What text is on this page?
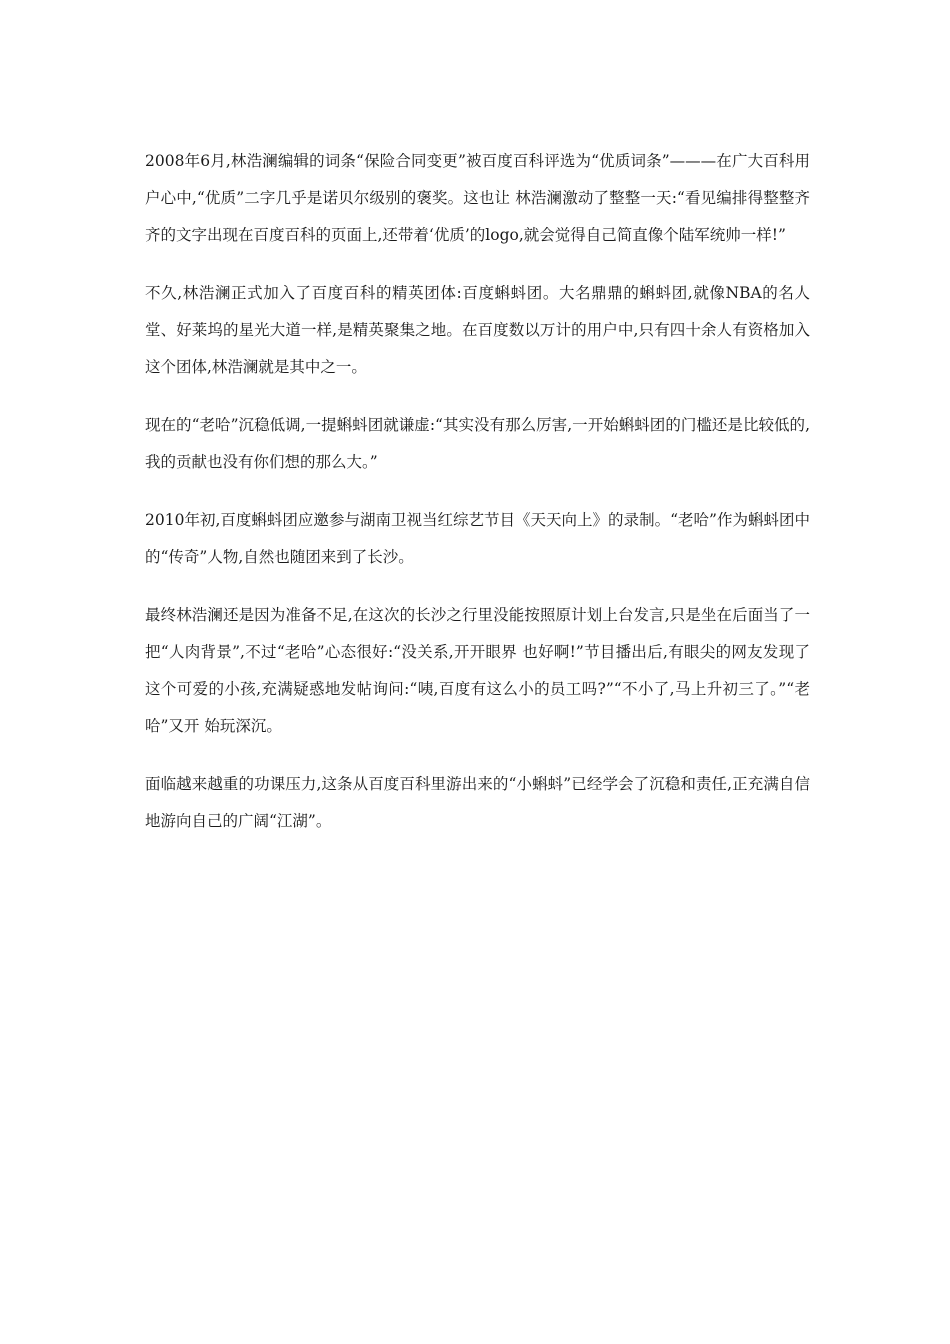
2008年6月,林浩澜编辑的词条“保险合同变更”被百度百科评选为“优质词条”———在广大百科用户心中,“优质”二字几乎是诺贝尔级别的褒奖。这也让 林浩澜激动了整整一天:“看见编排得整整齐齐的文字出现在百度百科的页面上,还带着‘优质’的logo,就会觉得自己简直像个陆军统帅一样!”

不久,林浩澜正式加入了百度百科的精英团体:百度蝌蚪团。大名鼎鼎的蝌蚪团,就像NBA的名人堂、好莱坞的星光大道一样,是精英聚集之地。在百度数以万计的用户中,只有四十余人有资格加入这个团体,林浩澜就是其中之一。

现在的“老哈”沉稳低调,一提蝌蚪团就谦虚:“其实没有那么厉害,一开始蝌蚪团的门槛还是比较低的,我的贡献也没有你们想的那么大。”

2010年初,百度蝌蚪团应邀参与湖南卫视当红综艺节目《天天向上》的录制。“老哈”作为蝌蚪团中的“传奇”人物,自然也随团来到了长沙。

最终林浩澜还是因为准备不足,在这次的长沙之行里没能按照原计划上台发言,只是坐在后面当了一把“人肉背景”,不过“老哈”心态很好:“没关系,开开眼界 也好啊!”节目播出后,有眼尖的网友发现了这个可爱的小孩,充满疑惑地发帖询问:“咦,百度有这么小的员工吗?”“不小了,马上升初三了。”“老哈”又开 始玩深沉。

面临越来越重的功课压力,这条从百度百科里游出来的“小蝌蚪”已经学会了沉稳和责任,正充满自信地游向自己的广阔“江湖”。
